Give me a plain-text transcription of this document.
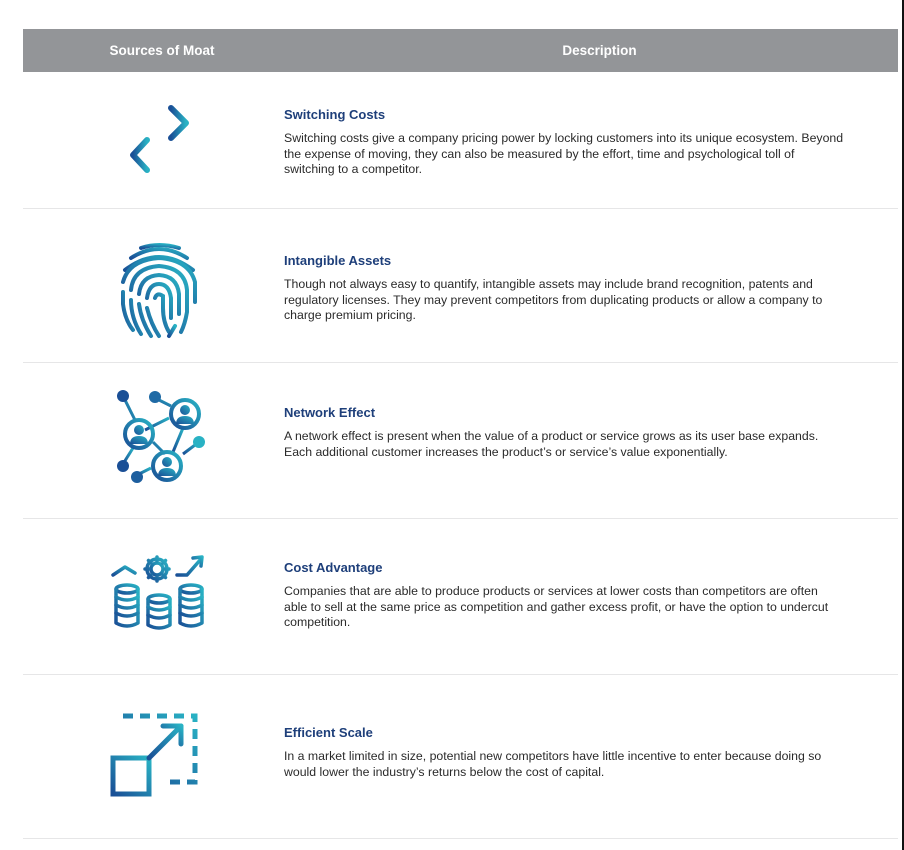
Sources of Moat	Description

Switching Costs

Switching costs give a company pricing power by locking customers into its unique ecosystem. Beyond the expense of moving, they can also be measured by the effort, time and psychological toll of switching to a competitor.

Intangible Assets

Though not always easy to quantify, intangible assets may include brand recognition, patents and regulatory licenses. They may prevent competitors from duplicating products or allow a company to charge premium pricing.

Network Effect

A network effect is present when the value of a product or service grows as its user base expands. Each additional customer increases the product’s or service’s value exponentially.

Cost Advantage

Companies that are able to produce products or services at lower costs than competitors are often able to sell at the same price as competition and gather excess profit, or have the option to undercut competition.

Efficient Scale

In a market limited in size, potential new competitors have little incentive to enter because doing so would lower the industry’s returns below the cost of capital.
